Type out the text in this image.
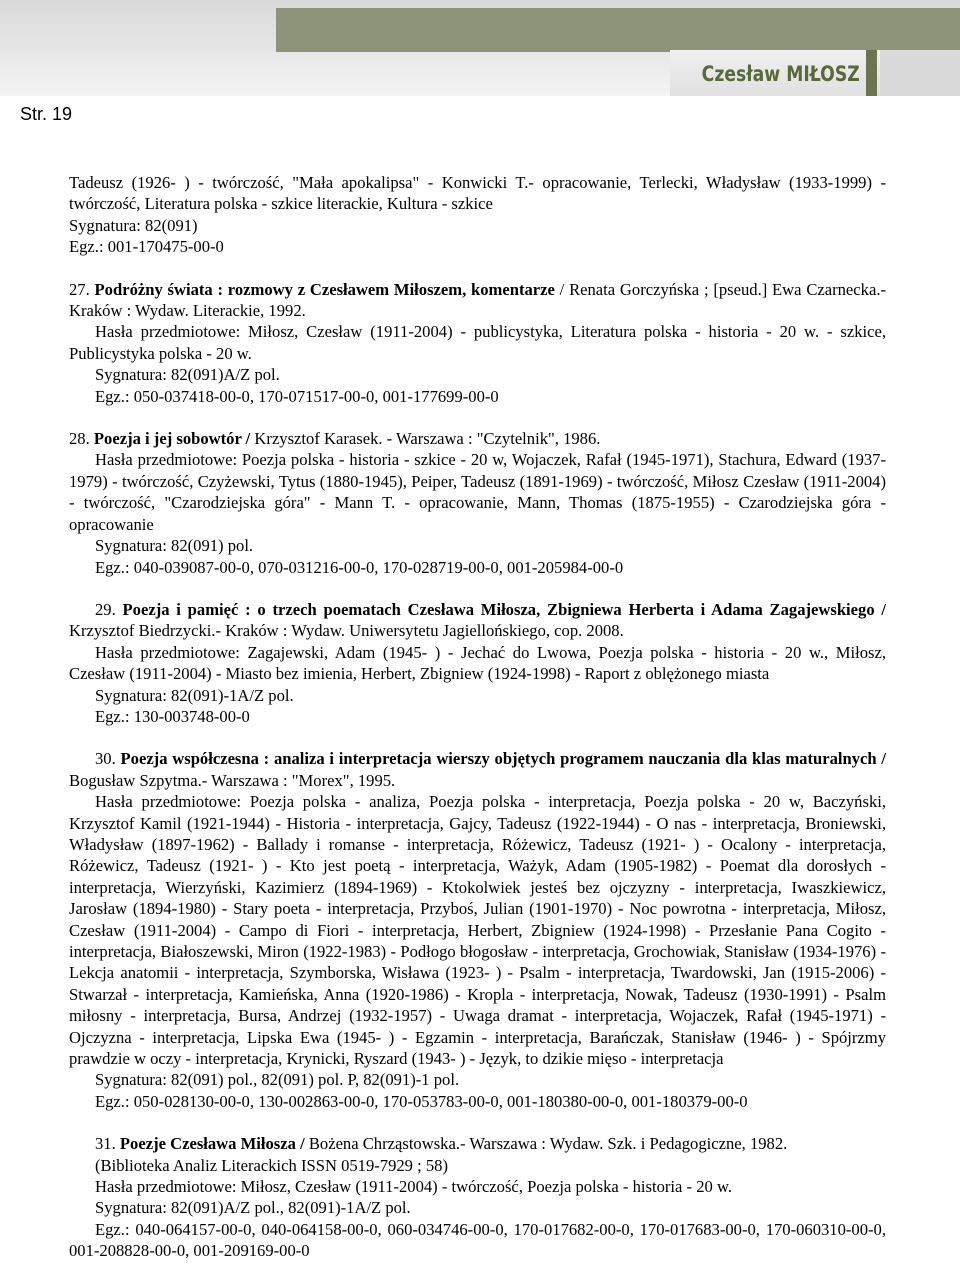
Czesław MIŁOSZ
Str. 19

Tadeusz (1926- ) - twórczość, "Mała apokalipsa" - Konwicki T.- opracowanie, Terlecki, Władysław (1933-1999) - twórczość, Literatura polska - szkice literackie, Kultura - szkice

Sygnatura: 82(091)

Egz.: 001-170475-00-0

27. Podróżny świata : rozmowy z Czesławem Miłoszem, komentarze / Renata Gorczyńska ; [pseud.] Ewa Czarnecka.- Kraków : Wydaw. Literackie, 1992.

Hasła przedmiotowe: Miłosz, Czesław (1911-2004) - publicystyka, Literatura polska - historia - 20 w. - szkice, Publicystyka polska - 20 w.

Sygnatura: 82(091)A/Z pol.

Egz.: 050-037418-00-0, 170-071517-00-0, 001-177699-00-0

28. Poezja i jej sobowtór / Krzysztof Karasek. - Warszawa : "Czytelnik", 1986.

Hasła przedmiotowe: Poezja polska - historia - szkice - 20 w, Wojaczek, Rafał (1945-1971), Stachura, Edward (1937-1979) - twórczość, Czyżewski, Tytus (1880-1945), Peiper, Tadeusz (1891-1969) - twórczość, Miłosz Czesław (1911-2004) - twórczość, "Czarodziejska góra" - Mann T. - opracowanie, Mann, Thomas (1875-1955) - Czarodziejska góra - opracowanie

Sygnatura: 82(091) pol.

Egz.: 040-039087-00-0, 070-031216-00-0, 170-028719-00-0, 001-205984-00-0

29. Poezja i pamięć : o trzech poematach Czesława Miłosza, Zbigniewa Herberta i Adama Zagajewskiego / Krzysztof Biedrzycki.- Kraków : Wydaw. Uniwersytetu Jagiellońskiego, cop. 2008.

Hasła przedmiotowe: Zagajewski, Adam (1945- ) - Jechać do Lwowa, Poezja polska - historia - 20 w., Miłosz, Czesław (1911-2004) - Miasto bez imienia, Herbert, Zbigniew (1924-1998) - Raport z oblężonego miasta

Sygnatura: 82(091)-1A/Z pol.

Egz.: 130-003748-00-0

30. Poezja współczesna : analiza i interpretacja wierszy objętych programem nauczania dla klas maturalnych / Bogusław Szpytma.- Warszawa : "Morex", 1995.

Hasła przedmiotowe: Poezja polska - analiza, Poezja polska - interpretacja, Poezja polska - 20 w, Baczyński, Krzysztof Kamil (1921-1944) - Historia - interpretacja, Gajcy, Tadeusz (1922-1944) - O nas - interpretacja, Broniewski, Władysław (1897-1962) - Ballady i romanse - interpretacja, Różewicz, Tadeusz (1921- ) - Ocalony - interpretacja, Różewicz, Tadeusz (1921- ) - Kto jest poetą - interpretacja, Ważyk, Adam (1905-1982) - Poemat dla dorosłych - interpretacja, Wierzyński, Kazimierz (1894-1969) - Ktokolwiek jesteś bez ojczyzny - interpretacja, Iwaszkiewicz, Jarosław (1894-1980) - Stary poeta - interpretacja, Przyboś, Julian (1901-1970) - Noc powrotna - interpretacja, Miłosz, Czesław (1911-2004) - Campo di Fiori - interpretacja, Herbert, Zbigniew (1924-1998) - Przesłanie Pana Cogito - interpretacja, Białoszewski, Miron (1922-1983) - Podłogo błogosław - interpretacja, Grochowiak, Stanisław (1934-1976) - Lekcja anatomii - interpretacja, Szymborska, Wisława (1923- ) - Psalm - interpretacja, Twardowski, Jan (1915-2006) - Stwarzał - interpretacja, Kamieńska, Anna (1920-1986) - Kropla - interpretacja, Nowak, Tadeusz (1930-1991) - Psalm miłosny - interpretacja, Bursa, Andrzej (1932-1957) - Uwaga dramat - interpretacja, Wojaczek, Rafał (1945-1971) - Ojczyzna - interpretacja, Lipska Ewa (1945- ) - Egzamin - interpretacja, Barańczak, Stanisław (1946- ) - Spójrzmy prawdzie w oczy - interpretacja, Krynicki, Ryszard (1943- ) - Język, to dzikie mięso - interpretacja

Sygnatura: 82(091) pol., 82(091) pol. P, 82(091)-1 pol.

Egz.: 050-028130-00-0, 130-002863-00-0, 170-053783-00-0, 001-180380-00-0, 001-180379-00-0

31. Poezje Czesława Miłosza / Bożena Chrząstowska.- Warszawa : Wydaw. Szk. i Pedagogiczne, 1982.

(Biblioteka Analiz Literackich ISSN 0519-7929 ; 58)

Hasła przedmiotowe: Miłosz, Czesław (1911-2004) - twórczość, Poezja polska - historia - 20 w.

Sygnatura: 82(091)A/Z pol., 82(091)-1A/Z pol.

Egz.: 040-064157-00-0, 040-064158-00-0, 060-034746-00-0, 170-017682-00-0, 170-017683-00-0, 170-060310-00-0, 001-208828-00-0, 001-209169-00-0
